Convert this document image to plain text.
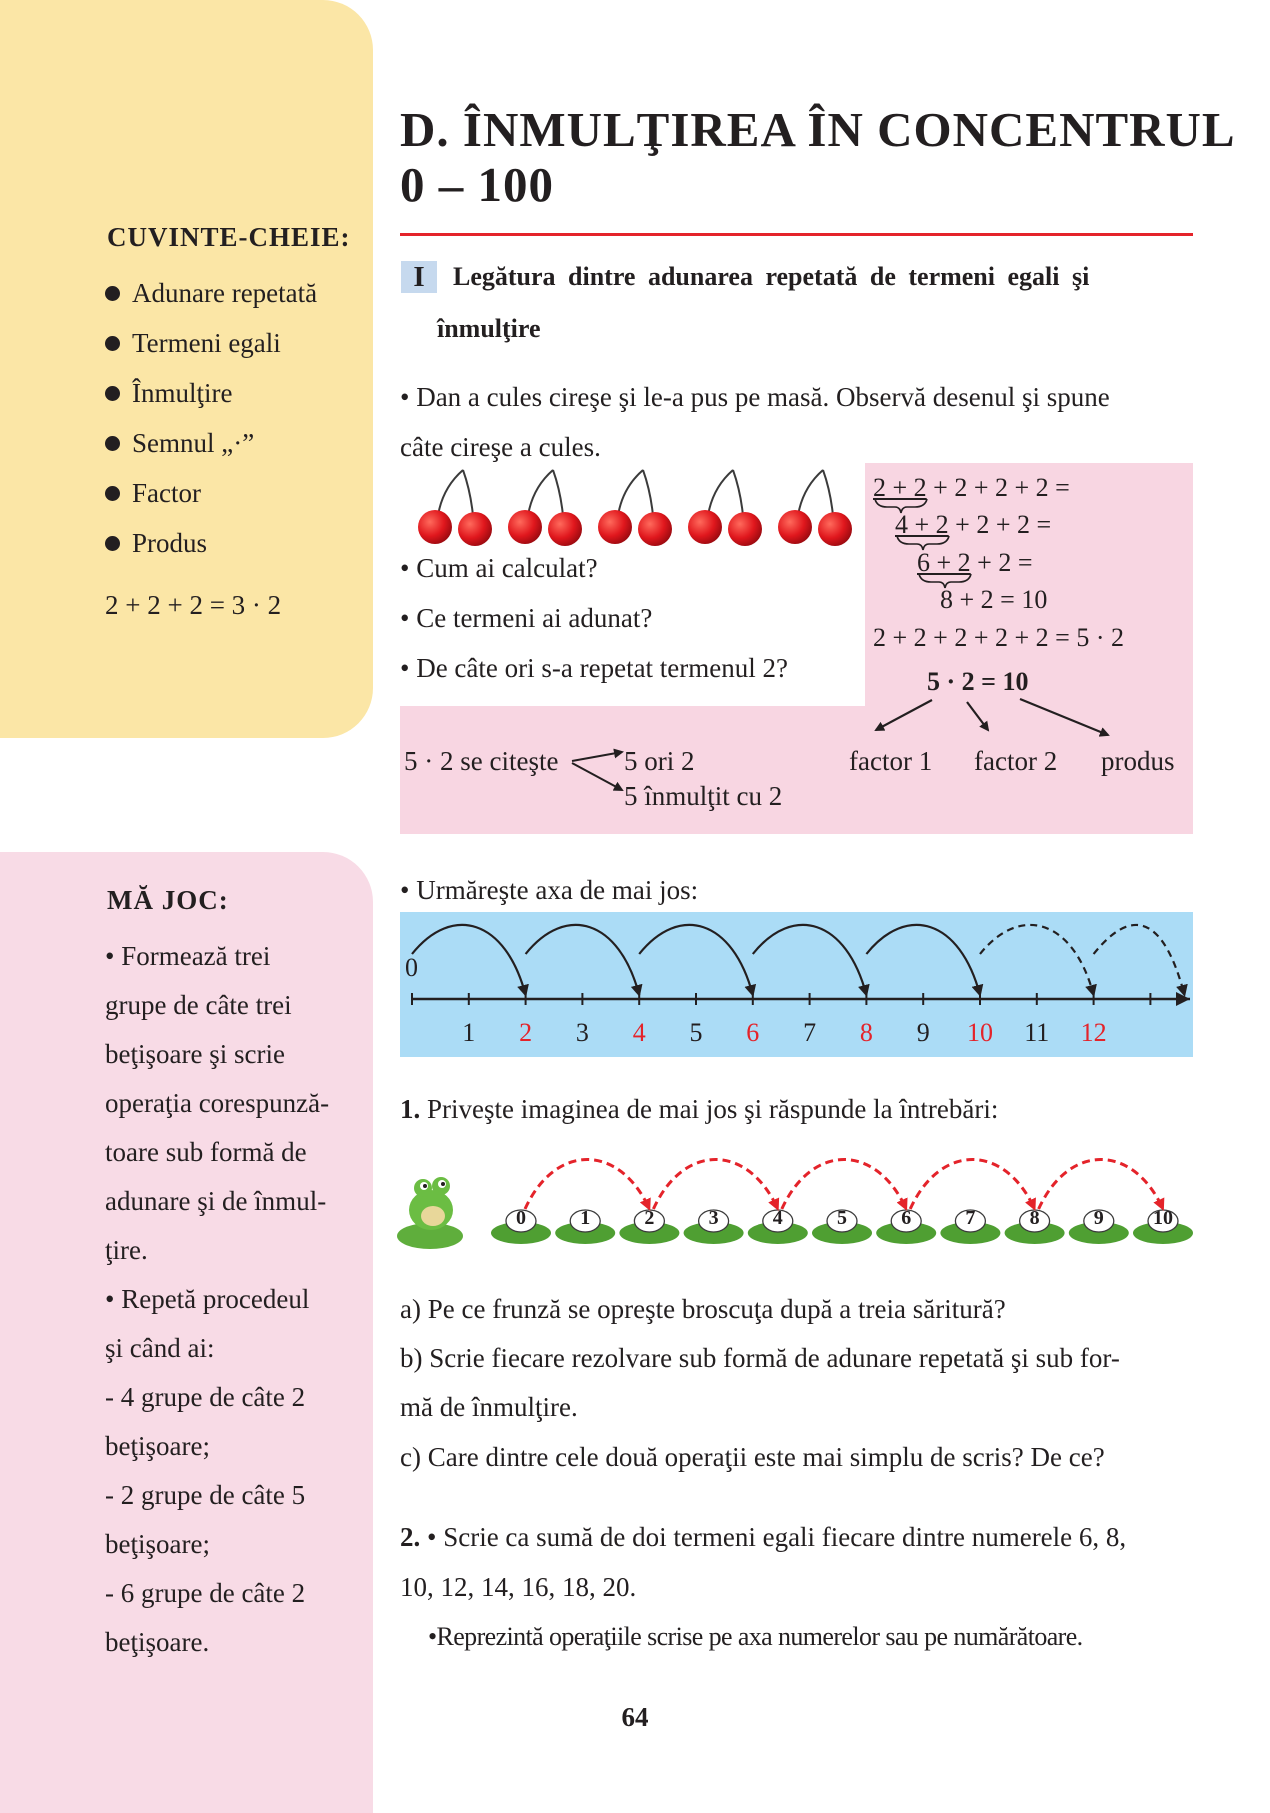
CUVINTE-CHEIE:
Adunare repetată
Termeni egali
Înmulţire
Semnul „·”
Factor
Produs
2 + 2 + 2 = 3 · 2
MĂ JOC:
• Formează trei
grupe de câte trei
beţişoare şi scrie
operaţia corespunză-
toare sub formă de
adunare şi de înmul-
ţire.
• Repetă procedeul
şi când ai:
- 4 grupe de câte 2
beţişoare;
- 2 grupe de câte 5
beţişoare;
- 6 grupe de câte 2
beţişoare.
D. ÎNMULŢIREA ÎN CONCENTRUL
0 – 100
I	Legătura dintre adunarea repetată de termeni egali şi
înmulţire
• Dan a cules cireşe şi le-a pus pe masă. Observă desenul şi spune
câte cireşe a cules.
• Cum ai calculat?
• Ce termeni ai adunat?
• De câte ori s-a repetat termenul 2?
2 + 2 + 2 + 2 + 2 =
4 + 2 + 2 + 2 =
6 + 2 + 2 =
8 + 2 = 10
2 + 2 + 2 + 2 + 2 = 5 · 2
5 · 2 = 10
5 · 2 se citeşte 5 ori 2
5 înmulţit cu 2
factor 1 factor 2 produs
• Urmăreşte axa de mai jos:
0
1	2	3	4	5	6	7	8	9	10 11 12
1. Priveşte imaginea de mai jos şi răspunde la întrebări:
0	1	2	3	4	5	6	7	8	9	10
a) Pe ce frunză se opreşte broscuţa după a treia săritură?
b) Scrie fiecare rezolvare sub formă de adunare repetată şi sub for-
mă de înmulţire.
c) Care dintre cele două operaţii este mai simplu de scris? De ce?
2. • Scrie ca sumă de doi termeni egali fiecare dintre numerele 6, 8,
10, 12, 14, 16, 18, 20.
•Reprezintă operaţiile scrise pe axa numerelor sau pe numărătoare.
64
